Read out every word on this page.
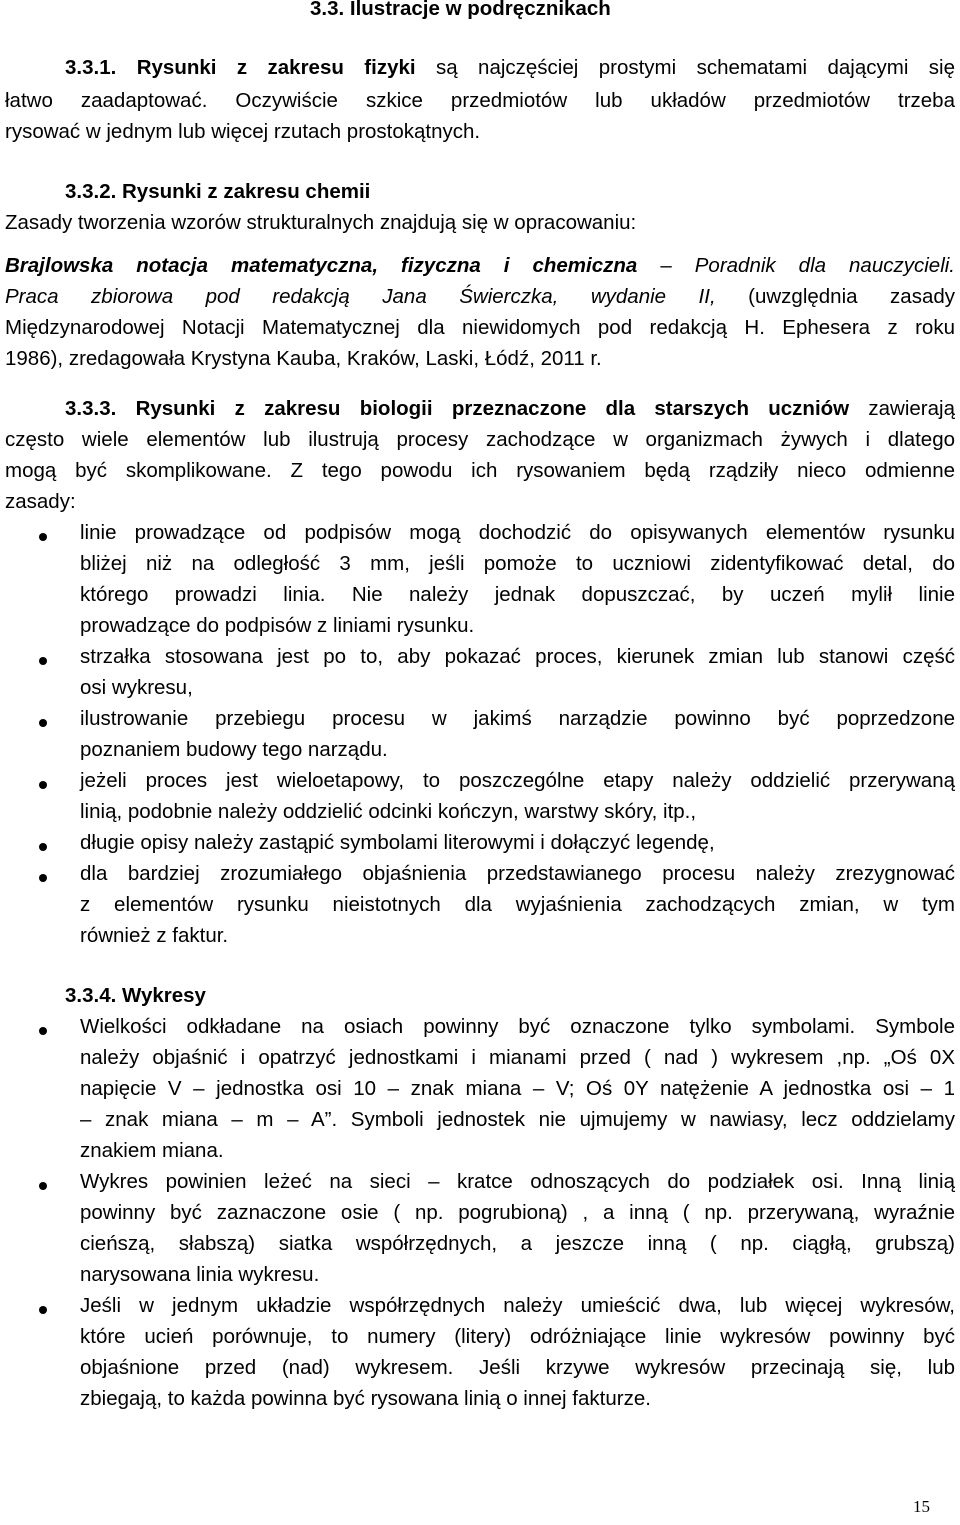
3.3. Ilustracje w podręcznikach
3.3.1. Rysunki z zakresu fizyki są najczęściej prostymi schematami dającymi się
łatwo zaadaptować. Oczywiście szkice przedmiotów lub układów przedmiotów trzeba
rysować w jednym lub więcej rzutach prostokątnych.
3.3.2. Rysunki z zakresu chemii
Zasady tworzenia wzorów strukturalnych znajdują się w opracowaniu:
Brajlowska notacja matematyczna, fizyczna i chemiczna – Poradnik dla nauczycieli.
Praca zbiorowa pod redakcją Jana Świerczka, wydanie II, (uwzględnia zasady
Międzynarodowej Notacji Matematycznej dla niewidomych pod redakcją H. Ephesera z roku
1986), zredagowała Krystyna Kauba, Kraków, Laski, Łódź, 2011 r.
3.3.3. Rysunki z zakresu biologii przeznaczone dla starszych uczniów zawierają
często wiele elementów lub ilustrują procesy zachodzące w organizmach żywych i dlatego
mogą być skomplikowane. Z tego powodu ich rysowaniem będą rządziły nieco odmienne
zasady:
linie prowadzące od podpisów mogą dochodzić do opisywanych elementów rysunku
bliżej niż na odległość 3 mm, jeśli pomoże to uczniowi zidentyfikować detal, do
którego prowadzi linia. Nie należy jednak dopuszczać, by uczeń mylił linie
prowadzące do podpisów z liniami rysunku.
strzałka stosowana jest po to, aby pokazać proces, kierunek zmian lub stanowi część
osi wykresu,
ilustrowanie przebiegu procesu w jakimś narządzie powinno być poprzedzone
poznaniem budowy tego narządu.
jeżeli proces jest wieloetapowy, to poszczególne etapy należy oddzielić przerywaną
linią, podobnie należy oddzielić odcinki kończyn, warstwy skóry, itp.,
długie opisy należy zastąpić symbolami literowymi i dołączyć legendę,
dla bardziej zrozumiałego objaśnienia przedstawianego procesu należy zrezygnować
z elementów rysunku nieistotnych dla wyjaśnienia zachodzących zmian, w tym
również z faktur.
3.3.4. Wykresy
Wielkości odkładane na osiach powinny być oznaczone tylko symbolami. Symbole
należy objaśnić i opatrzyć jednostkami i mianami przed ( nad ) wykresem ,np. „Oś 0X
napięcie V – jednostka osi 10 – znak miana – V; Oś 0Y natężenie A jednostka osi – 1
– znak miana – m – A”. Symboli jednostek nie ujmujemy w nawiasy, lecz oddzielamy
znakiem miana.
Wykres powinien leżeć na sieci – kratce odnoszących do podziałek osi. Inną linią
powinny być zaznaczone osie ( np. pogrubioną) , a inną ( np. przerywaną, wyraźnie
cieńszą, słabszą) siatka współrzędnych, a jeszcze inną ( np. ciągłą, grubszą)
narysowana linia wykresu.
Jeśli w jednym układzie współrzędnych należy umieścić dwa, lub więcej wykresów,
które ucień porównuje, to numery (litery) odróżniające linie wykresów powinny być
objaśnione przed (nad) wykresem. Jeśli krzywe wykresów przecinają się, lub
zbiegają, to każda powinna być rysowana linią o innej fakturze.
15
